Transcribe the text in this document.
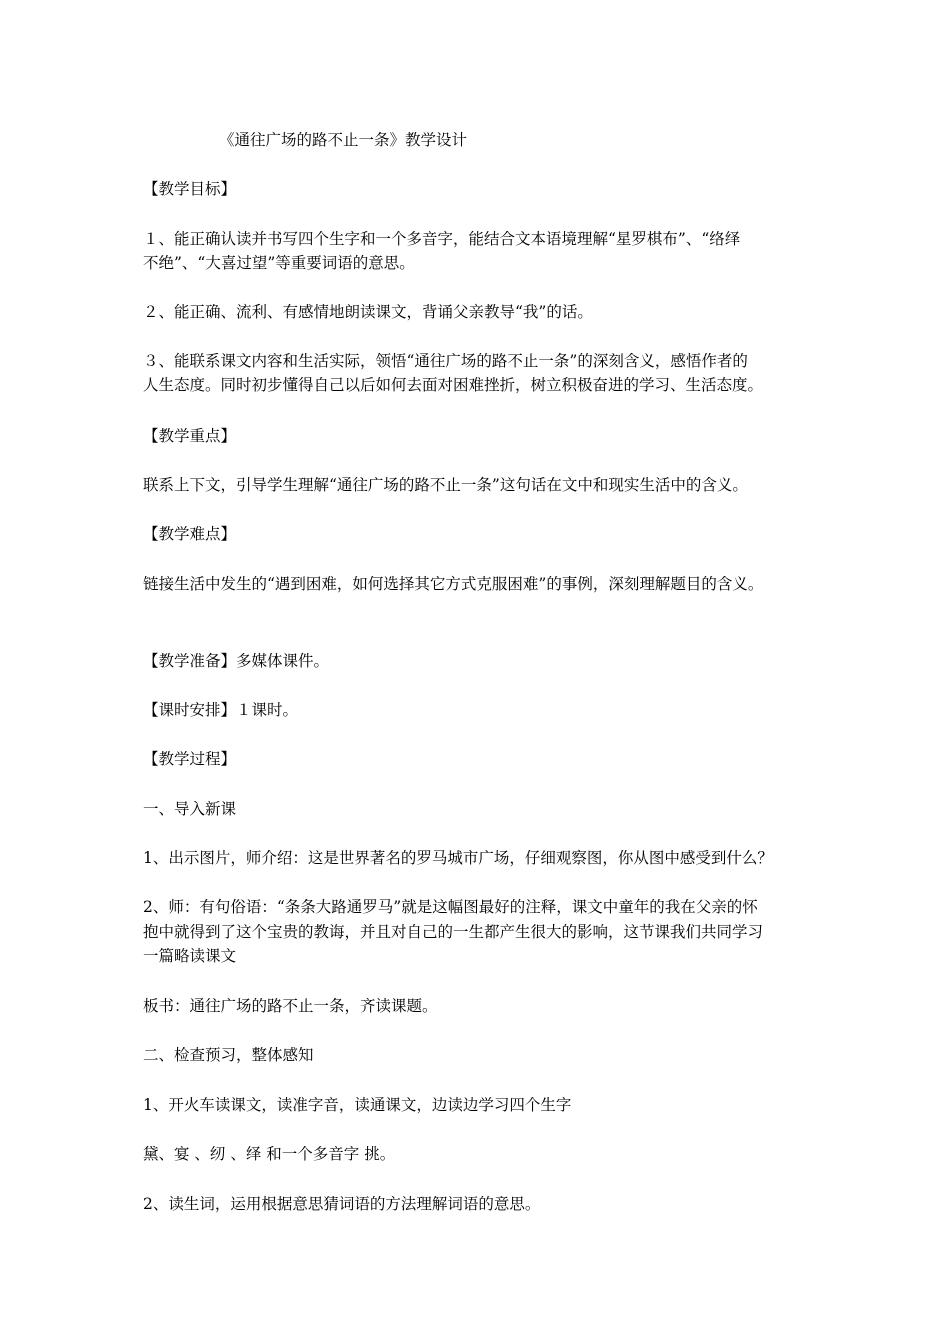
《通往广场的路不止一条》教学设计
【教学目标】
１、能正确认读并书写四个生字和一个多音字，能结合文本语境理解“星罗棋布”、“络绎
不绝”、“大喜过望”等重要词语的意思。
２、能正确、流利、有感情地朗读课文，背诵父亲教导“我”的话。
３、能联系课文内容和生活实际，领悟“通往广场的路不止一条”的深刻含义，感悟作者的
人生态度。同时初步懂得自己以后如何去面对困难挫折，树立积极奋进的学习、生活态度。
【教学重点】
联系上下文，引导学生理解“通往广场的路不止一条”这句话在文中和现实生活中的含义。
【教学难点】
链接生活中发生的“遇到困难，如何选择其它方式克服困难”的事例，深刻理解题目的含义。
【教学准备】多媒体课件。
【课时安排】１课时。
【教学过程】
一、导入新课
1、出示图片，师介绍：这是世界著名的罗马城市广场，仔细观察图，你从图中感受到什么？
2、师：有句俗语：“条条大路通罗马”就是这幅图最好的注释，课文中童年的我在父亲的怀
抱中就得到了这个宝贵的教诲，并且对自己的一生都产生很大的影响，这节课我们共同学习
一篇略读课文
板书：通往广场的路不止一条，齐读课题。
二、检查预习，整体感知
1、开火车读课文，读准字音，读通课文，边读边学习四个生字
黛、宴 、纫 、绎 和一个多音字 挑。
2、读生词，运用根据意思猜词语的方法理解词语的意思。
